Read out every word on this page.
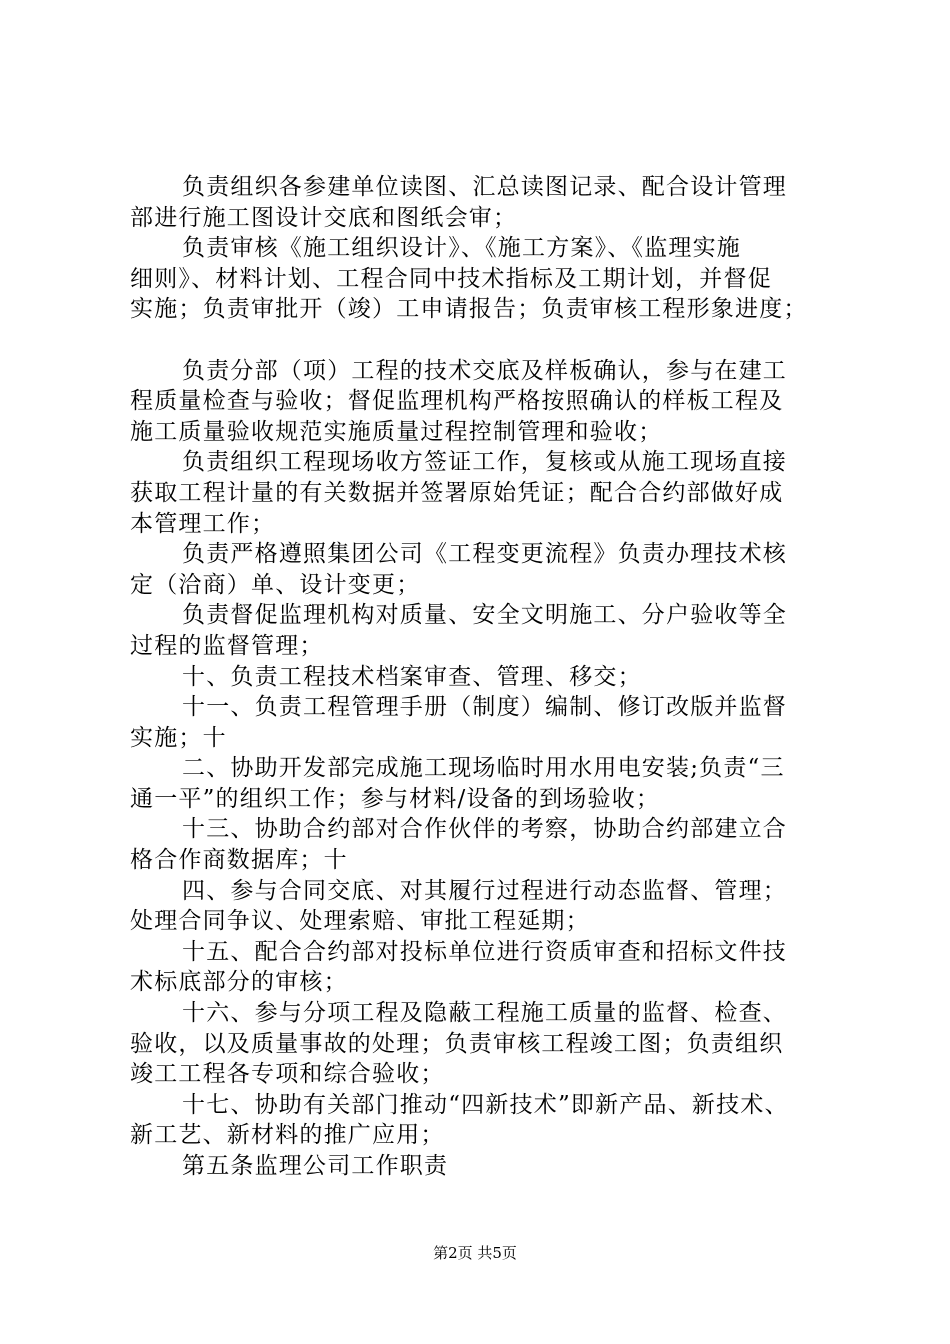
负责组织各参建单位读图、汇总读图记录、配合设计管理
部进行施工图设计交底和图纸会审；
负责审核《施工组织设计》、《施工方案》、《监理实施
细则》、材料计划、工程合同中技术指标及工期计划，并督促
实施；负责审批开（竣）工申请报告；负责审核工程形象进度；
负责分部（项）工程的技术交底及样板确认，参与在建工
程质量检查与验收；督促监理机构严格按照确认的样板工程及
施工质量验收规范实施质量过程控制管理和验收；
负责组织工程现场收方签证工作，复核或从施工现场直接
获取工程计量的有关数据并签署原始凭证；配合合约部做好成
本管理工作；
负责严格遵照集团公司《工程变更流程》负责办理技术核
定（洽商）单、设计变更；
负责督促监理机构对质量、安全文明施工、分户验收等全
过程的监督管理；
十、负责工程技术档案审查、管理、移交；
十一、负责工程管理手册（制度）编制、修订改版并监督
实施；十
二、协助开发部完成施工现场临时用水用电安装;负责“三
通一平”的组织工作；参与材料/设备的到场验收；
十三、协助合约部对合作伙伴的考察，协助合约部建立合
格合作商数据库；十
四、参与合同交底、对其履行过程进行动态监督、管理；
处理合同争议、处理索赔、审批工程延期；
十五、配合合约部对投标单位进行资质审查和招标文件技
术标底部分的审核；
十六、参与分项工程及隐蔽工程施工质量的监督、检查、
验收，以及质量事故的处理；负责审核工程竣工图；负责组织
竣工工程各专项和综合验收；
十七、协助有关部门推动“四新技术”即新产品、新技术、
新工艺、新材料的推广应用；
第五条监理公司工作职责
第2页 共5页
